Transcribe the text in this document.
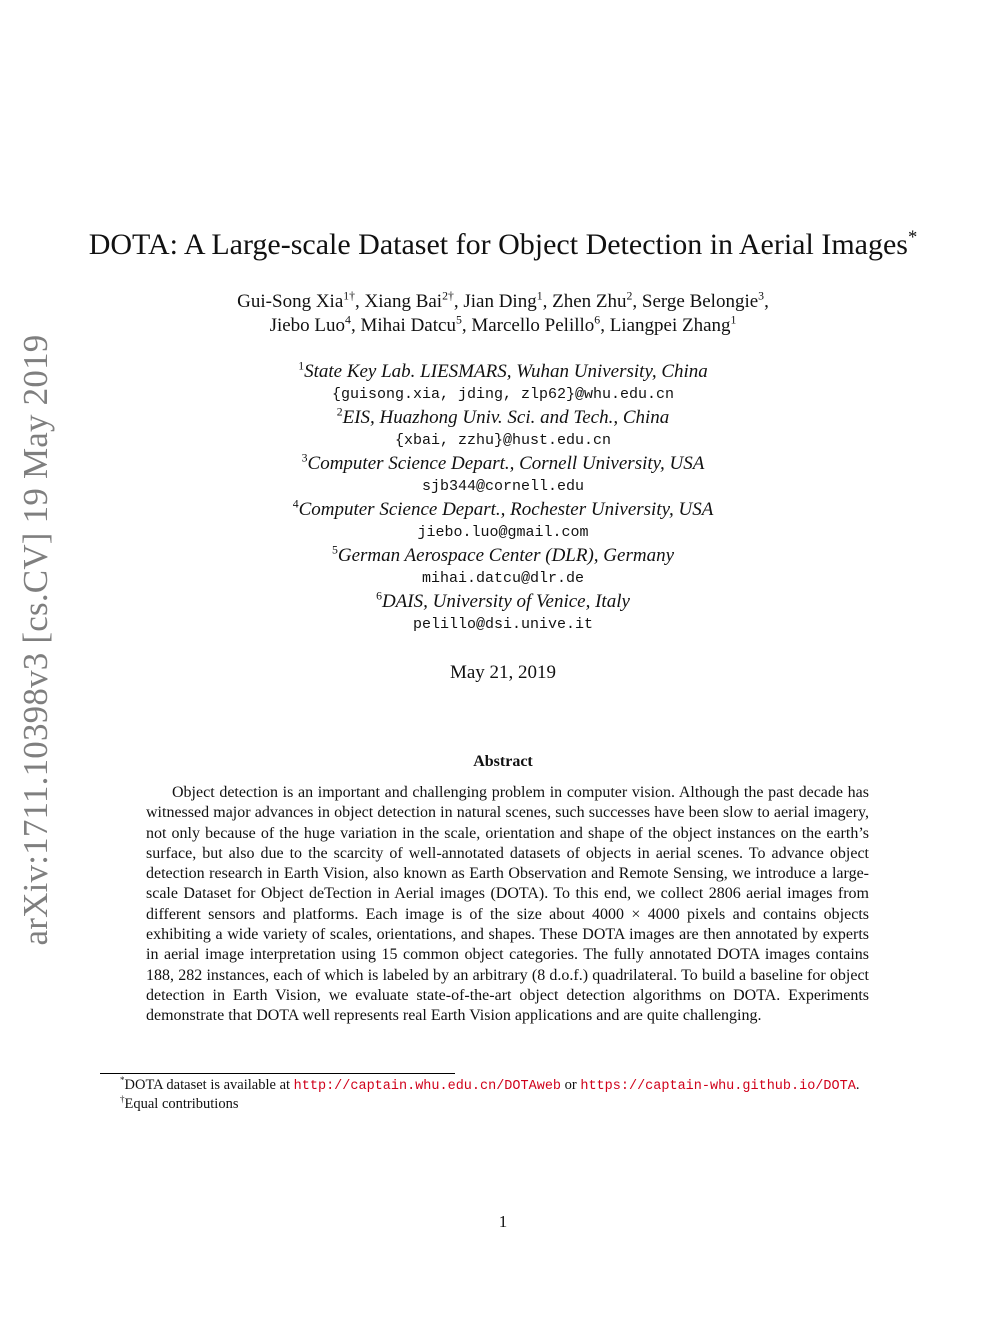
arXiv:1711.10398v3 [cs.CV] 19 May 2019
DOTA: A Large-scale Dataset for Object Detection in Aerial Images*
Gui-Song Xia$^{1\dagger}$, Xiang Bai$^{2\dagger}$, Jian Ding$^1$, Zhen Zhu$^2$, Serge Belongie$^3$,
Jiebo Luo$^4$, Mihai Datcu$^5$, Marcello Pelillo$^6$, Liangpei Zhang$^1$
$^1$State Key Lab. LIESMARS, Wuhan University, China
{guisong.xia, jding, zlp62}@whu.edu.cn
$^2$EIS, Huazhong Univ. Sci. and Tech., China
{xbai, zzhu}@hust.edu.cn
$^3$Computer Science Depart., Cornell University, USA
sjb344@cornell.edu
$^4$Computer Science Depart., Rochester University, USA
jiebo.luo@gmail.com
$^5$German Aerospace Center (DLR), Germany
mihai.datcu@dlr.de
$^6$DAIS, University of Venice, Italy
pelillo@dsi.unive.it
May 21, 2019
Abstract

Object detection is an important and challenging problem in computer vision. Although the past decade has witnessed major advances in object detection in natural scenes, such successes have been slow to aerial imagery, not only because of the huge variation in the scale, orientation and shape of the object instances on the earth’s surface, but also due to the scarcity of well-annotated datasets of objects in aerial scenes. To advance object detection research in Earth Vision, also known as Earth Observation and Remote Sensing, we introduce a large-scale Dataset for Object deTection in Aerial images (DOTA). To this end, we collect 2806 aerial images from different sensors and platforms. Each image is of the size about 4000 × 4000 pixels and contains objects exhibiting a wide variety of scales, orientations, and shapes. These DOTA images are then annotated by experts in aerial image interpretation using 15 common object categories. The fully annotated DOTA images contains 188, 282 instances, each of which is labeled by an arbitrary (8 d.o.f.) quadrilateral. To build a baseline for object detection in Earth Vision, we evaluate state-of-the-art object detection algorithms on DOTA. Experiments demonstrate that DOTA well represents real Earth Vision applications and are quite challenging.

*DOTA dataset is available at http://captain.whu.edu.cn/DOTAweb or https://captain-whu.github.io/DOTA.
†Equal contributions
1
